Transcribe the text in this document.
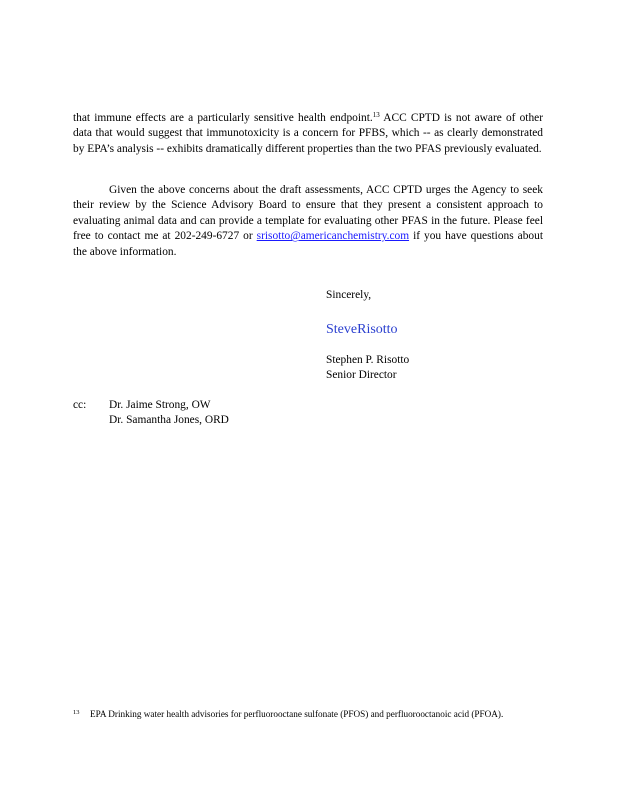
that immune effects are a particularly sensitive health endpoint.$^{13}$ ACC CPTD is not aware of other data that would suggest that immunotoxicity is a concern for PFBS, which -- as clearly demonstrated by EPA’s analysis -- exhibits dramatically different properties than the two PFAS previously evaluated.

Given the above concerns about the draft assessments, ACC CPTD urges the Agency to seek their review by the Science Advisory Board to ensure that they present a consistent approach to evaluating animal data and can provide a template for evaluating other PFAS in the future. Please feel free to contact me at 202-249-6727 or srisotto@americanchemistry.com if you have questions about the above information.

Sincerely,
SteveRisotto
Stephen P. Risotto
Senior Director
cc: Dr. Jaime Strong, OW
Dr. Samantha Jones, ORD
13 EPA Drinking water health advisories for perfluorooctane sulfonate (PFOS) and perfluorooctanoic acid (PFOA).
